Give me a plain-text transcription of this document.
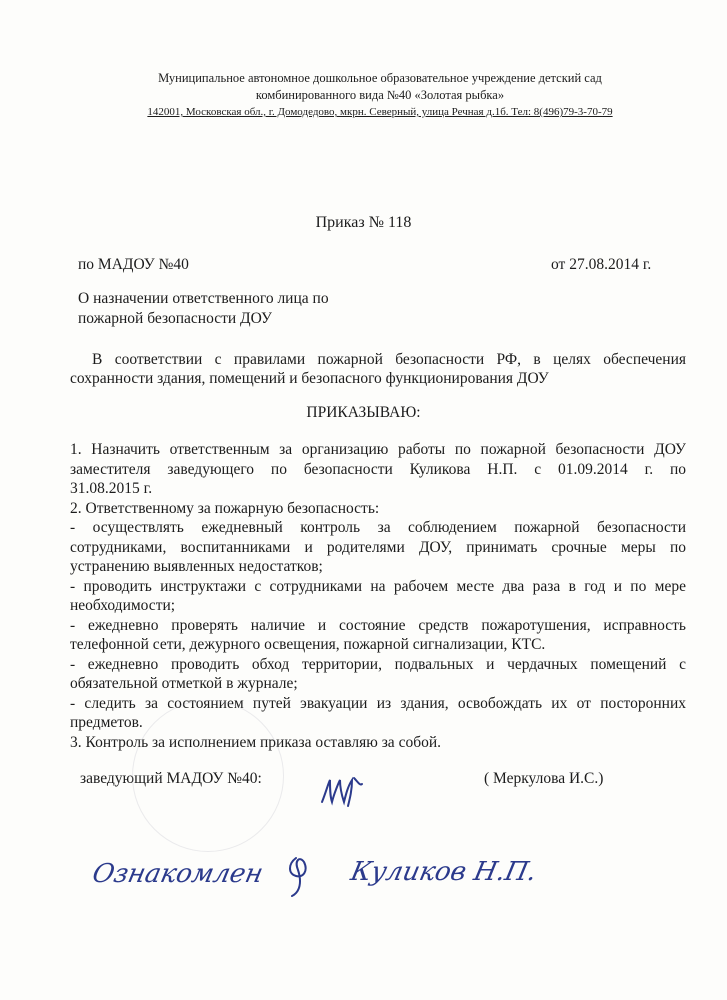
Муниципальное автономное дошкольное образовательное учреждение детский сад
комбинированного вида №40 «Золотая рыбка»
142001, Московская обл., г. Домодедово, мкрн. Северный, улица Речная д.1б. Тел: 8(496)79-3-70-79
Приказ № 118
по МАДОУ №40	от 27.08.2014 г.
О назначении ответственного лица по
пожарной безопасности ДОУ
В соответствии с правилами пожарной безопасности РФ, в целях обеспечения
сохранности здания, помещений и безопасного функционирования ДОУ
ПРИКАЗЫВАЮ:
1. Назначить ответственным за организацию работы по пожарной безопасности ДОУ
заместителя заведующего по безопасности Куликова Н.П. с 01.09.2014 г. по
31.08.2015 г.
2. Ответственному за пожарную безопасность:
- осуществлять ежедневный контроль за соблюдением пожарной безопасности
сотрудниками, воспитанниками и родителями ДОУ, принимать срочные меры по
устранению выявленных недостатков;
- проводить инструктажи с сотрудниками на рабочем месте два раза в год и по мере
необходимости;
- ежедневно проверять наличие и состояние средств пожаротушения, исправность
телефонной сети, дежурного освещения, пожарной сигнализации, КТС.
- ежедневно проводить обход территории, подвальных и чердачных помещений с
обязательной отметкой в журнале;
- следить за состоянием путей эвакуации из здания, освобождать их от посторонних
предметов.
3. Контроль за исполнением приказа оставляю за собой.
заведующий МАДОУ №40:	( Меркулова И.С.)
Ознакомлен	Куликов Н.П.
